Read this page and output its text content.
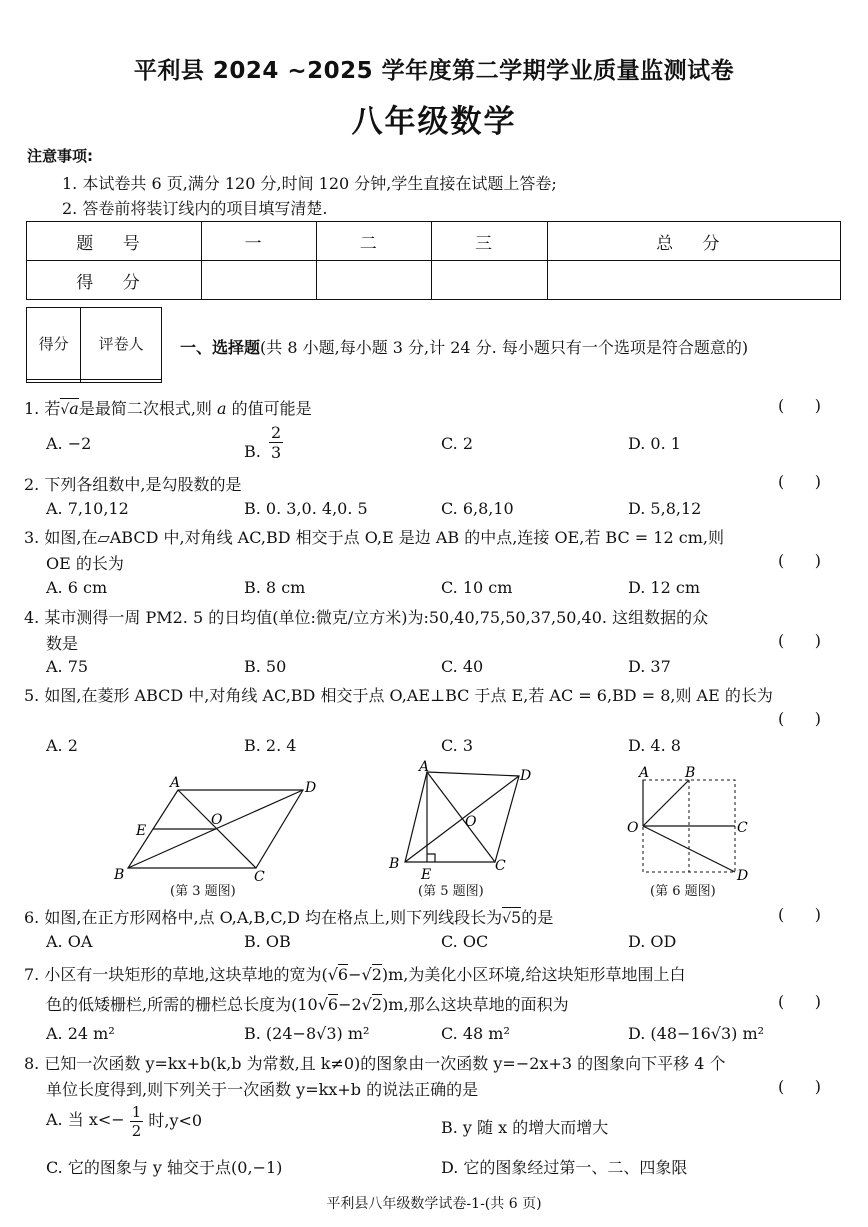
平利县 2024 ~2025 学年度第二学期学业质量监测试卷
八年级数学
注意事项:
1. 本试卷共 6 页,满分 120 分,时间 120 分钟,学生直接在试题上答卷;
2. 答卷前将装订线内的项目填写清楚.
题 号	一	二	三	总 分
得 分				
得分	评卷人
	一、选择题(共 8 小题,每小题 3 分,计 24 分. 每小题只有一个选项是符合题意的)
1. 若√a是最简二次根式,则 a 的值可能是	(      )
A. −2	B. $\frac{2}{3}$	C. 2	D. 0. 1
2. 下列各组数中,是勾股数的是	(      )
A. 7,10,12	B. 0. 3,0. 4,0. 5	C. 6,8,10	D. 5,8,12
3. 如图,在▱ABCD 中,对角线 AC,BD 相交于点 O,E 是边 AB 的中点,连接 OE,若 BC = 12 cm,则
OE 的长为	(      )
A. 6 cm	B. 8 cm	C. 10 cm	D. 12 cm
4. 某市测得一周 PM2. 5 的日均值(单位:微克/立方米)为:50,40,75,50,37,50,40. 这组数据的众
数是	(      )
A. 75	B. 50	C. 40	D. 37
5. 如图,在菱形 ABCD 中,对角线 AC,BD 相交于点 O,AE⊥BC 于点 E,若 AC = 6,BD = 8,则 AE 的长为
(      )
A. 2	B. 2. 4	C. 3	D. 4. 8
A
B	C
D
E
O
(第 3 题图)
A
B	C
D
E
O
(第 5 题图)
A	B
C
D
O
(第 6 题图)
6. 如图,在正方形网格中,点 O,A,B,C,D 均在格点上,则下列线段长为√5的是	(      )
A. OA	B. OB	C. OC	D. OD
7. 小区有一块矩形的草地,这块草地的宽为(√6−√2)m,为美化小区环境,给这块矩形草地围上白
色的低矮栅栏,所需的栅栏总长度为(10√6−2√2)m,那么这块草地的面积为	(      )
A. 24 m²	B. (24−8√3) m²	C. 48 m²	D. (48−16√3) m²
8. 已知一次函数 y=kx+b(k,b 为常数,且 k≠0)的图象由一次函数 y=−2x+3 的图象向下平移 4 个
单位长度得到,则下列关于一次函数 y=kx+b 的说法正确的是	(      )
A. 当 $x<- \frac{1}{2}$ 时,y<0	B. y 随 x 的增大而增大
C. 它的图象与 y 轴交于点(0,−1)	D. 它的图象经过第一、二、四象限
平利县八年级数学试卷-1-(共 6 页)
